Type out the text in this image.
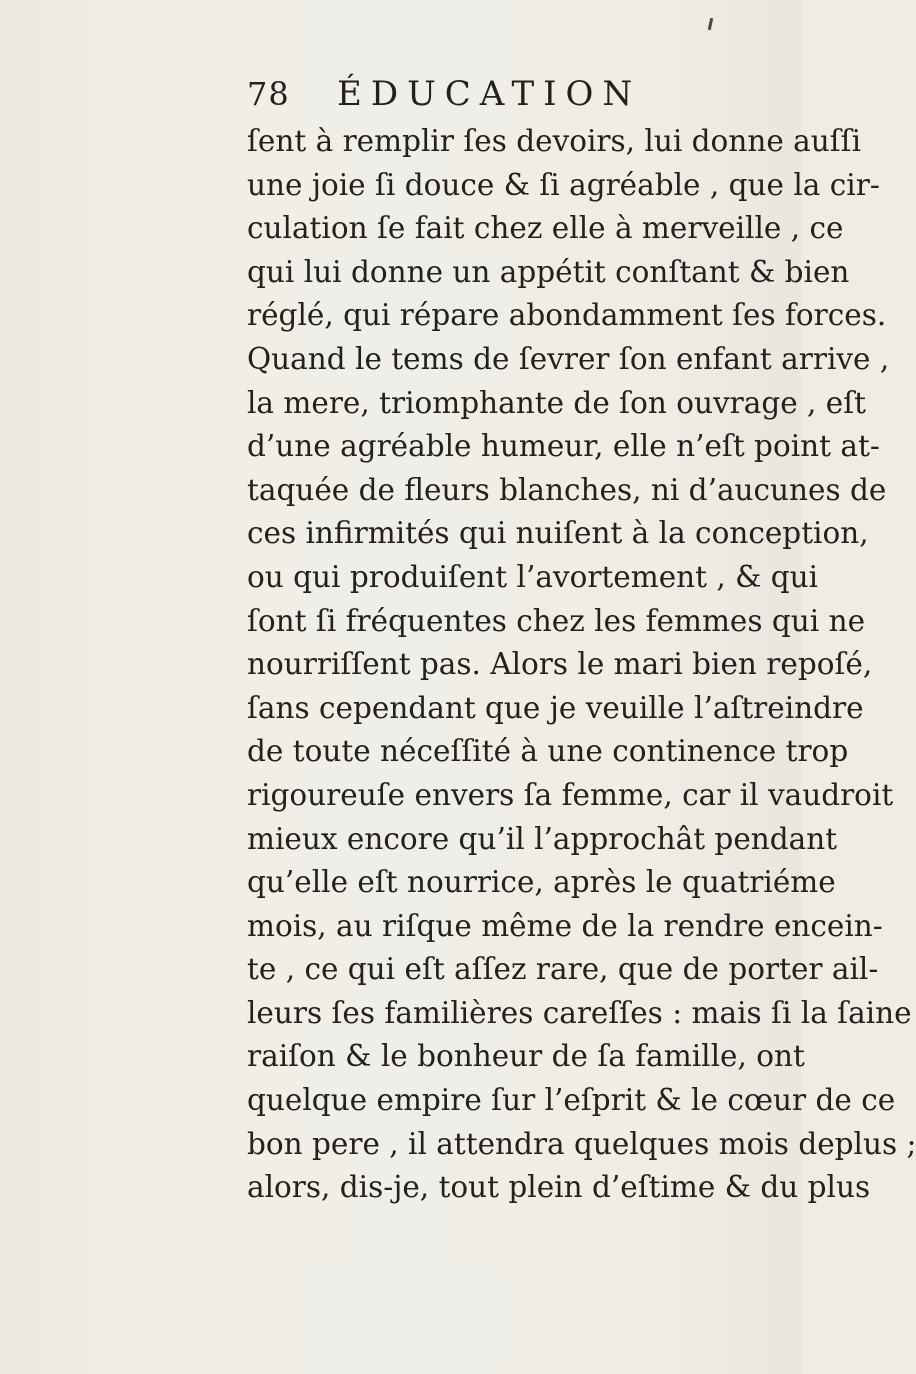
78	ÉDUCATION
ſent à remplir ſes devoirs, lui donne auſſi
une joie ſi douce & ſi agréable , que la cir-
culation ſe fait chez elle à merveille , ce
qui lui donne un appétit conſtant & bien
réglé, qui répare abondamment ſes forces.
Quand le tems de ſevrer ſon enfant arrive ,
la mere, triomphante de ſon ouvrage , eſt
d’une agréable humeur, elle n’eſt point at-
taquée de fleurs blanches, ni d’aucunes de
ces infirmités qui nuiſent à la conception,
ou qui produiſent l’avortement , & qui
ſont ſi fréquentes chez les femmes qui ne
nourriſſent pas. Alors le mari bien repoſé,
ſans cependant que je veuille l’aſtreindre
de toute néceſſité à une continence trop
rigoureuſe envers ſa femme, car il vaudroit
mieux encore qu’il l’approchât pendant
qu’elle eſt nourrice, après le quatriéme
mois, au riſque même de la rendre encein-
te , ce qui eſt aſſez rare, que de porter ail-
leurs ſes familières careſſes : mais ſi la ſaine
raiſon & le bonheur de ſa famille, ont
quelque empire ſur l’eſprit & le cœur de ce
bon pere , il attendra quelques mois deplus ;
alors, dis-je, tout plein d’eſtime & du plus
